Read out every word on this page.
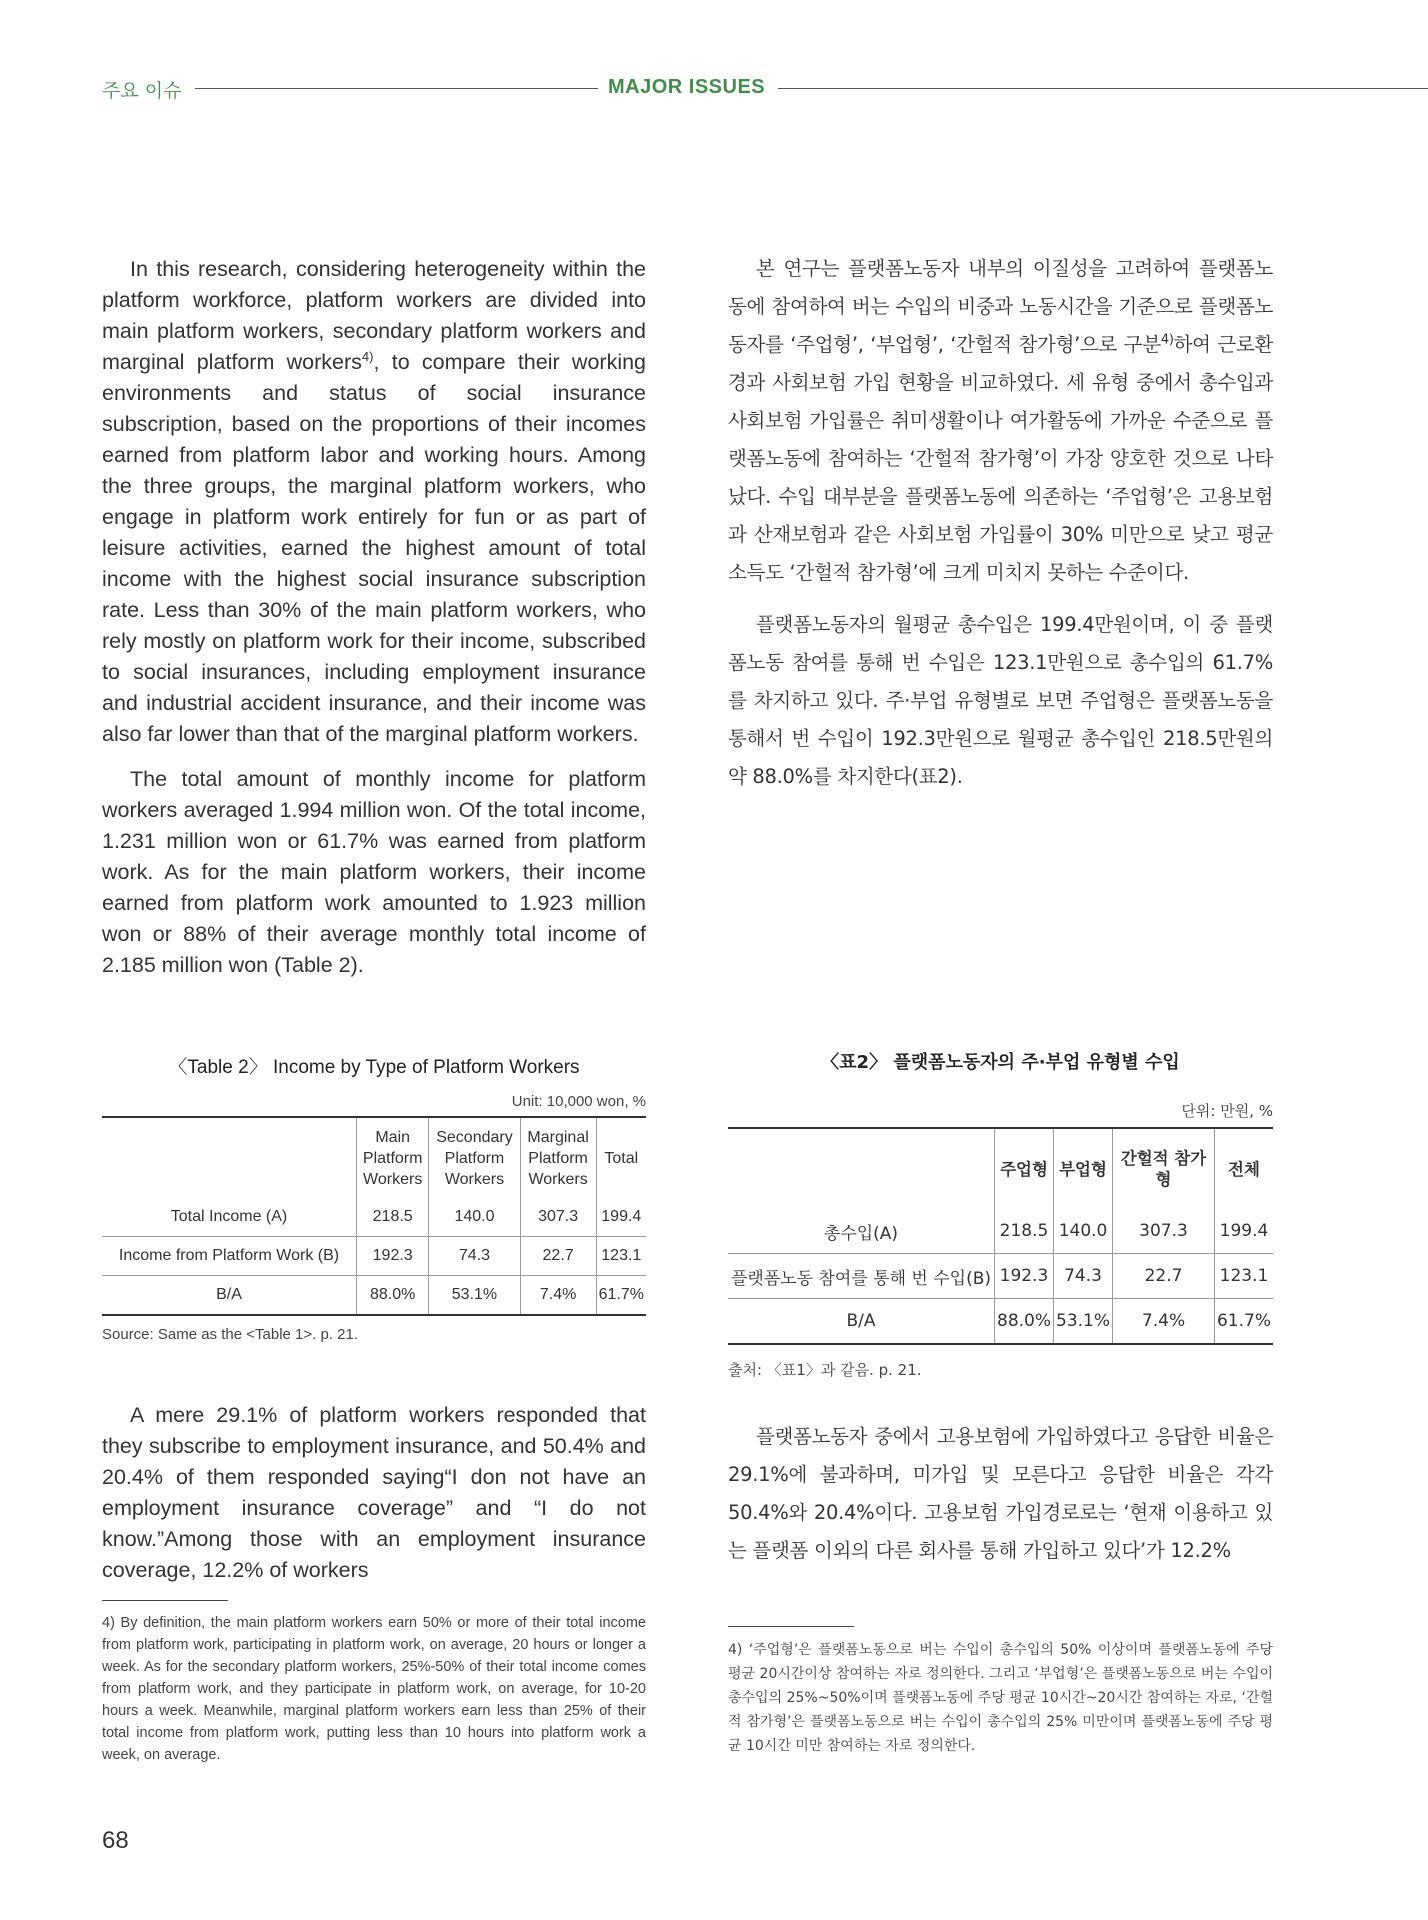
주요 이슈	MAJOR ISSUES

In this research, considering heterogeneity within the platform workforce, platform workers are divided into main platform workers, secondary platform workers and marginal platform workers$^{4)}$, to compare their working environments and status of social insurance subscription, based on the proportions of their incomes earned from platform labor and working hours. Among the three groups, the marginal platform workers, who engage in platform work entirely for fun or as part of leisure activities, earned the highest amount of total income with the highest social insurance subscription rate. Less than 30% of the main platform workers, who rely mostly on platform work for their income, subscribed to social insurances, including employment insurance and industrial accident insurance, and their income was also far lower than that of the marginal platform workers.

The total amount of monthly income for platform workers averaged 1.994 million won. Of the total income, 1.231 million won or 61.7% was earned from platform work. As for the main platform workers, their income earned from platform work amounted to 1.923 million won or 88% of their average monthly total income of 2.185 million won (Table 2).

본 연구는 플랫폼노동자 내부의 이질성을 고려하여 플랫폼노동에 참여하여 버는 수입의 비중과 노동시간을 기준으로 플랫폼노동자를 ‘주업형’, ‘부업형’, ‘간헐적 참가형’으로 구분$^{4)}$하여 근로환경과 사회보험 가입 현황을 비교하였다. 세 유형 중에서 총수입과 사회보험 가입률은 취미생활이나 여가활동에 가까운 수준으로 플랫폼노동에 참여하는 ‘간헐적 참가형’이 가장 양호한 것으로 나타났다. 수입 대부분을 플랫폼노동에 의존하는 ‘주업형’은 고용보험과 산재보험과 같은 사회보험 가입률이 30% 미만으로 낮고 평균 소득도 ‘간헐적 참가형’에 크게 미치지 못하는 수준이다.

플랫폼노동자의 월평균 총수입은 199.4만원이며, 이 중 플랫폼노동 참여를 통해 번 수입은 123.1만원으로 총수입의 61.7%를 차지하고 있다. 주·부업 유형별로 보면 주업형은 플랫폼노동을 통해서 번 수입이 192.3만원으로 월평균 총수입인 218.5만원의 약 88.0%를 차지한다(표2).

〈Table 2〉 Income by Type of Platform Workers
Unit: 10,000 won, %
	Main Platform Workers	Secondary Platform Workers	Marginal Platform Workers	Total
Total Income (A)	218.5	140.0	307.3	199.4
Income from Platform Work (B)	192.3	74.3	22.7	123.1
B/A	88.0%	53.1%	7.4%	61.7%
Source: Same as the <Table 1>. p. 21.
〈표2〉 플랫폼노동자의 주·부업 유형별 수입
단위: 만원, %
	주업형	부업형	간헐적 참가형	전체
총수입(A)	218.5	140.0	307.3	199.4
플랫폼노동 참여를 통해 번 수입(B)	192.3	74.3	22.7	123.1
B/A	88.0%	53.1%	7.4%	61.7%
출처: 〈표1〉과 같음. p. 21.

A mere 29.1% of platform workers responded that they subscribe to employment insurance, and 50.4% and 20.4% of them responded saying“I don not have an employment insurance coverage” and “I do not know.”Among those with an employment insurance coverage, 12.2% of workers

플랫폼노동자 중에서 고용보험에 가입하였다고 응답한 비율은 29.1%에 불과하며, 미가입 및 모른다고 응답한 비율은 각각 50.4%와 20.4%이다. 고용보험 가입경로로는 ‘현재 이용하고 있는 플랫폼 이외의 다른 회사를 통해 가입하고 있다’가 12.2%

4) By definition, the main platform workers earn 50% or more of their total income from platform work, participating in platform work, on average, 20 hours or longer a week. As for the secondary platform workers, 25%-50% of their total income comes from platform work, and they participate in platform work, on average, for 10-20 hours a week. Meanwhile, marginal platform workers earn less than 25% of their total income from platform work, putting less than 10 hours into platform work a week, on average.
4) ‘주업형’은 플랫폼노동으로 버는 수입이 총수입의 50% 이상이며 플랫폼노동에 주당 평균 20시간이상 참여하는 자로 정의한다. 그리고 ‘부업형’은 플랫폼노동으로 버는 수입이 총수입의 25%~50%이며 플랫폼노동에 주당 평균 10시간~20시간 참여하는 자로, ‘간헐적 참가형’은 플랫폼노동으로 버는 수입이 총수입의 25% 미만이며 플랫폼노동에 주당 평균 10시간 미만 참여하는 자로 정의한다.
68
